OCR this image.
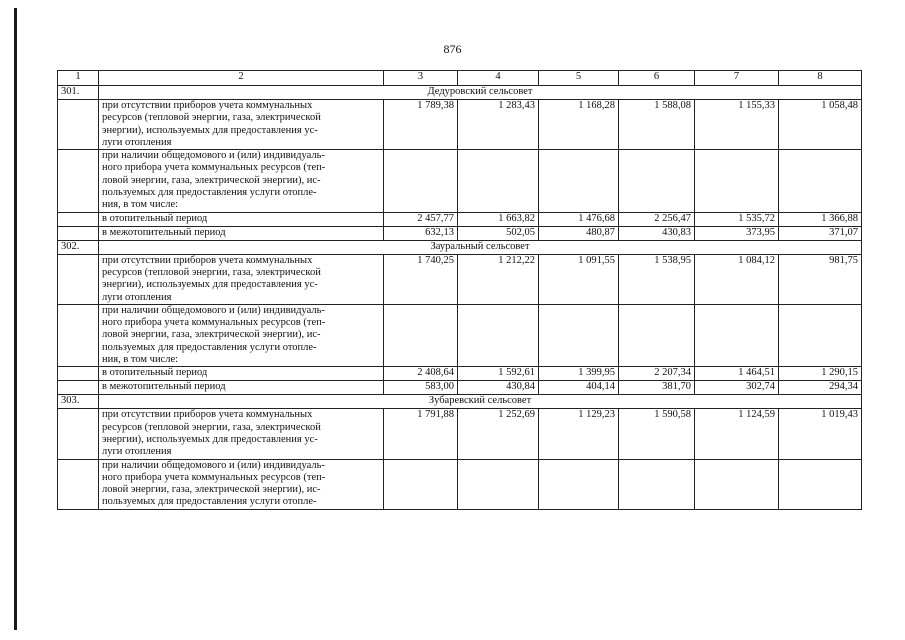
876
1	2	3	4	5	6	7	8
301.	Дедуровский сельсовет						

	при отсутствии приборов учета коммунальных
ресурсов (тепловой энергии, газа, электрической
энергии), используемых для предоставления ус-
луги отопления	1 789,38	1 283,43	1 168,28	1 588,08	1 155,33	1 058,48

	при наличии общедомового и (или) индивидуаль-
ного прибора учета коммунальных ресурсов (теп-
ловой энергии, газа, электрической энергии), ис-
пользуемых для предоставления услуги отопле-
ния, в том числе:						

	в отопительный период	2 457,77	1 663,82	1 476,68	2 256,47	1 535,72	1 366,88

	в межотопительный период	632,13	502,05	480,87	430,83	373,95	371,07
302.	Зауральный сельсовет						

	при отсутствии приборов учета коммунальных
ресурсов (тепловой энергии, газа, электрической
энергии), используемых для предоставления ус-
луги отопления	1 740,25	1 212,22	1 091,55	1 538,95	1 084,12	981,75

	при наличии общедомового и (или) индивидуаль-
ного прибора учета коммунальных ресурсов (теп-
ловой энергии, газа, электрической энергии), ис-
пользуемых для предоставления услуги отопле-
ния, в том числе:						

	в отопительный период	2 408,64	1 592,61	1 399,95	2 207,34	1 464,51	1 290,15

	в межотопительный период	583,00	430,84	404,14	381,70	302,74	294,34
303.	Зубаревский сельсовет						

	при отсутствии приборов учета коммунальных
ресурсов (тепловой энергии, газа, электрической
энергии), используемых для предоставления ус-
луги отопления	1 791,88	1 252,69	1 129,23	1 590,58	1 124,59	1 019,43

	при наличии общедомового и (или) индивидуаль-
ного прибора учета коммунальных ресурсов (теп-
ловой энергии, газа, электрической энергии), ис-
пользуемых для предоставления услуги отопле-						
